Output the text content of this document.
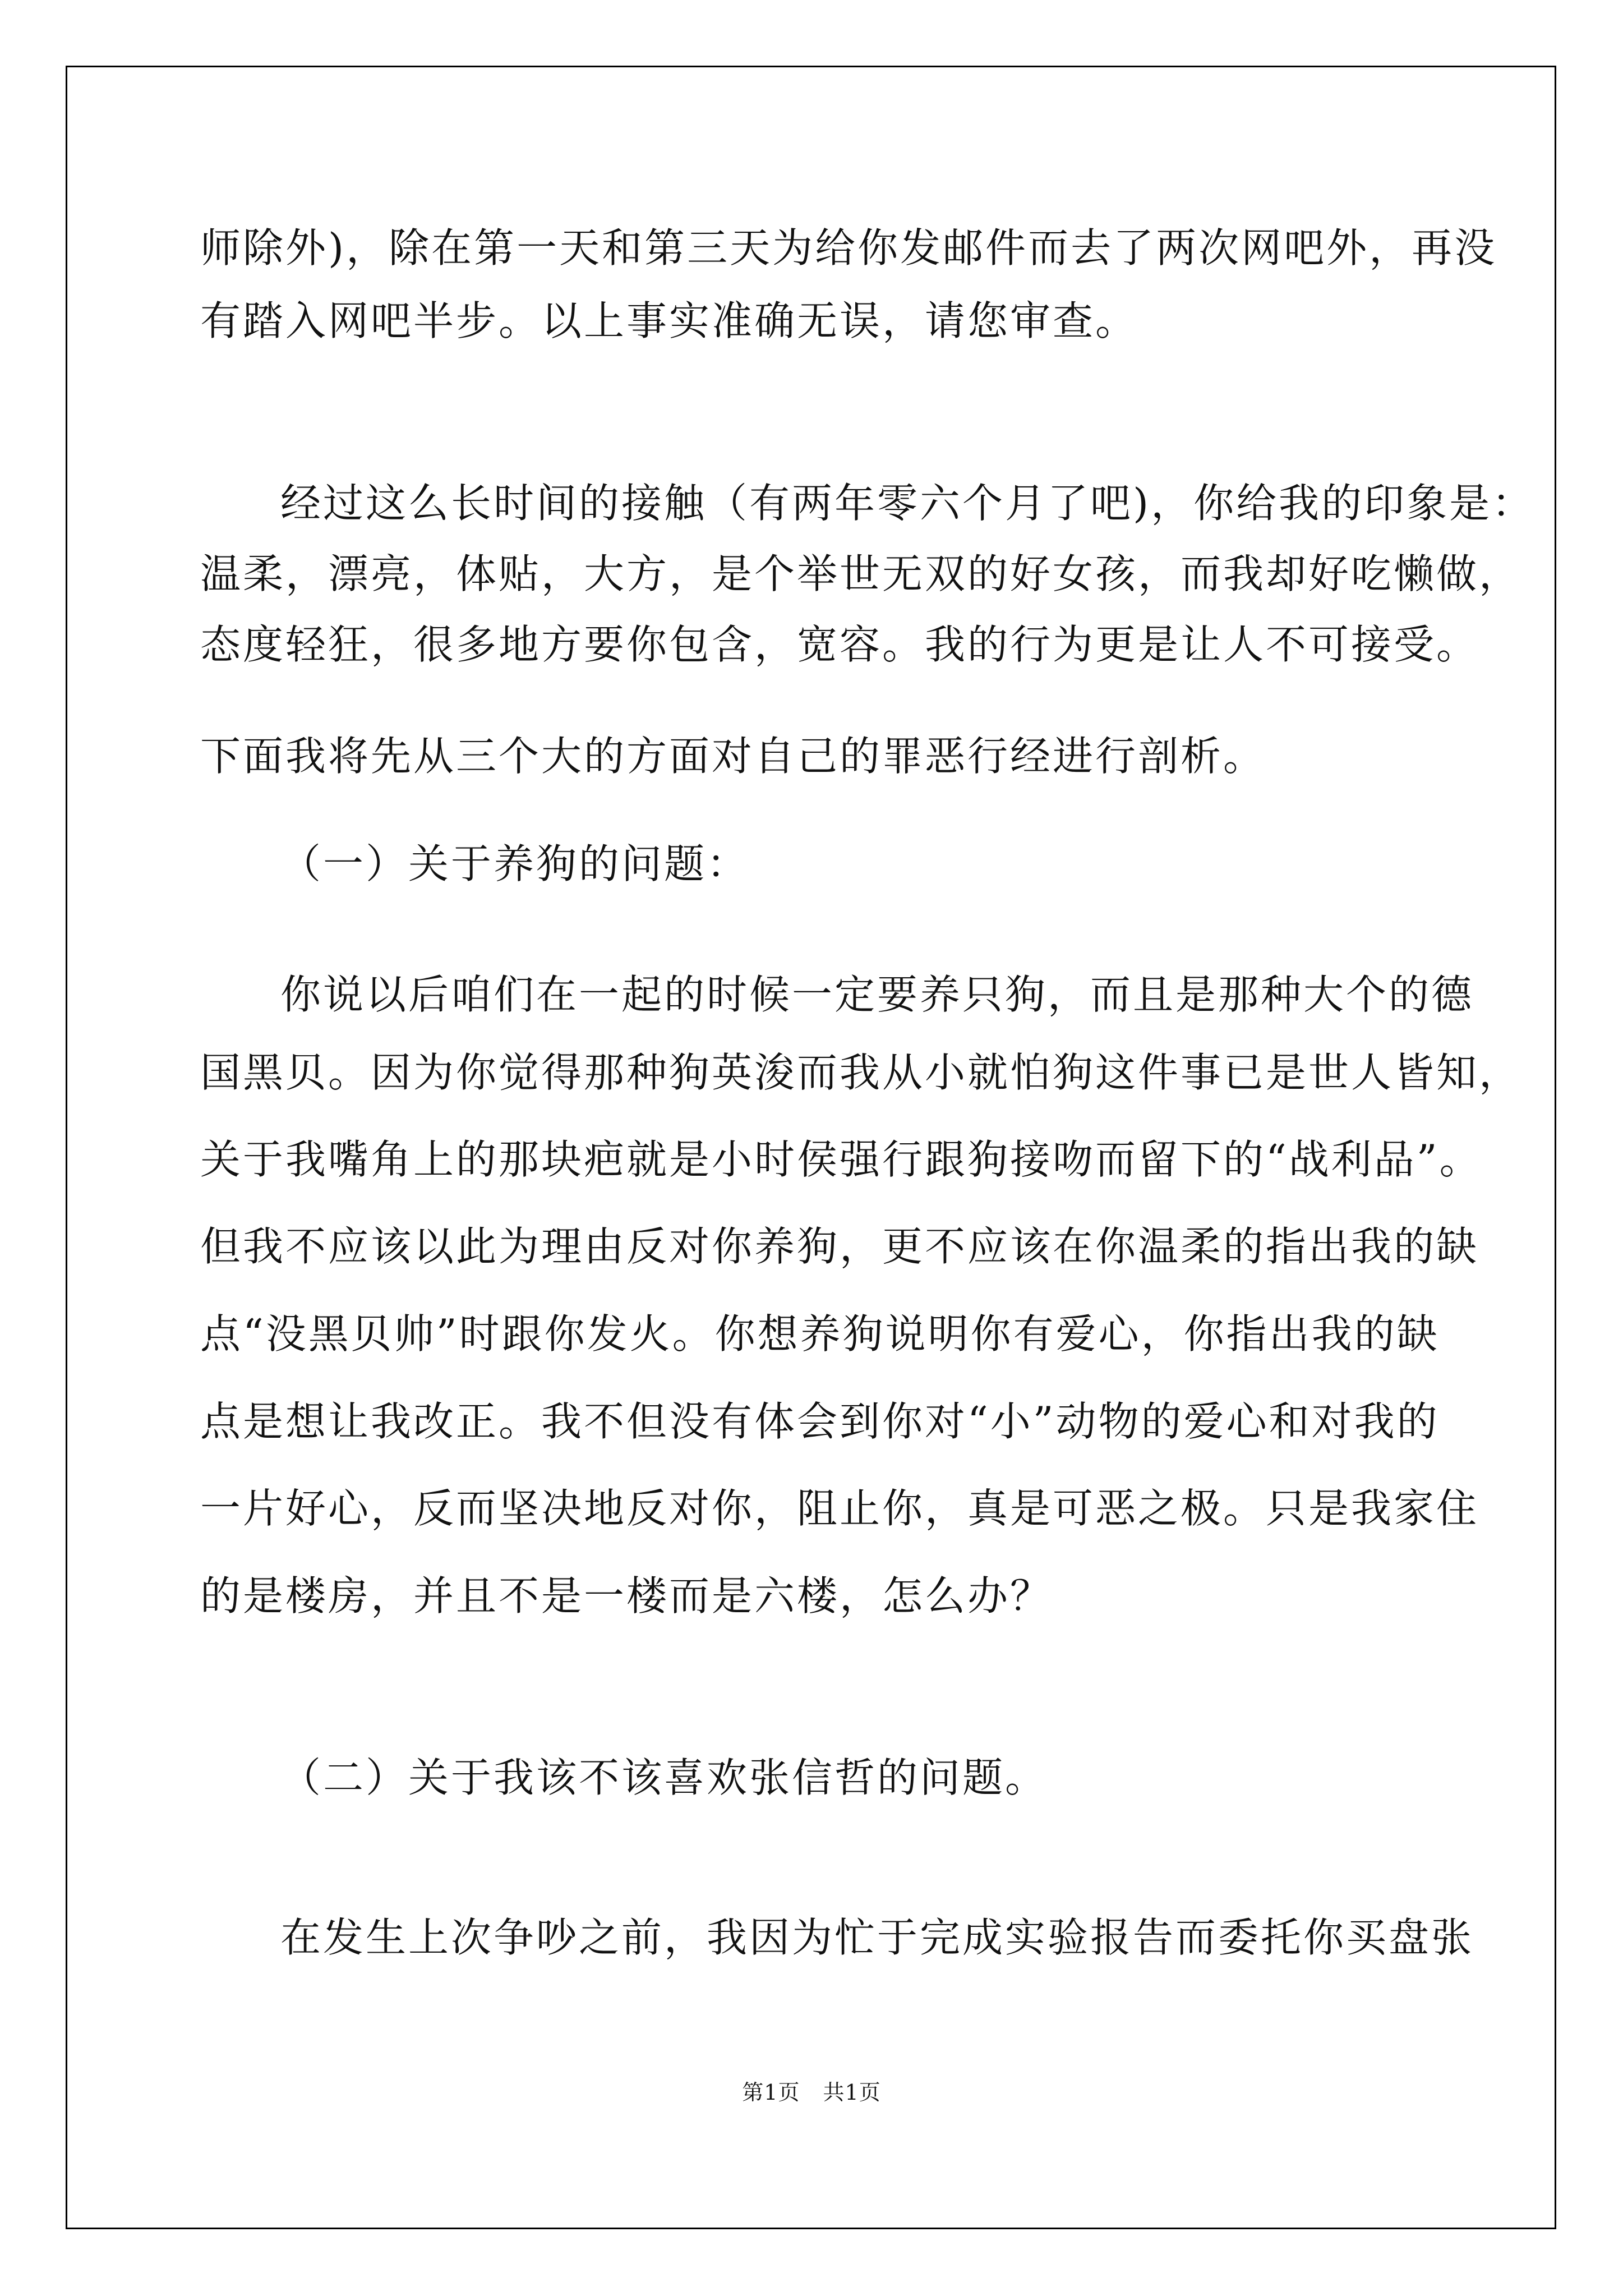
师除外)，除在第一天和第三天为给你发邮件而去了两次网吧外，再没

有踏入网吧半步。以上事实准确无误，请您审查。

经过这么长时间的接触（有两年零六个月了吧)，你给我的印象是：

温柔，漂亮，体贴，大方，是个举世无双的好女孩，而我却好吃懒做，

态度轻狂，很多地方要你包含，宽容。我的行为更是让人不可接受。

下面我将先从三个大的方面对自己的罪恶行经进行剖析。

（一）关于养狗的问题：

你说以后咱们在一起的时候一定要养只狗，而且是那种大个的德

国黑贝。因为你觉得那种狗英浚而我从小就怕狗这件事已是世人皆知，

关于我嘴角上的那块疤就是小时侯强行跟狗接吻而留下的“战利品”。

但我不应该以此为理由反对你养狗，更不应该在你温柔的指出我的缺

点“没黑贝帅”时跟你发火。你想养狗说明你有爱心，你指出我的缺

点是想让我改正。我不但没有体会到你对“小”动物的爱心和对我的

一片好心，反而坚决地反对你，阻止你，真是可恶之极。只是我家住

的是楼房，并且不是一楼而是六楼，怎么办？

（二）关于我该不该喜欢张信哲的问题。

在发生上次争吵之前，我因为忙于完成实验报告而委托你买盘张

第1页 共1页
